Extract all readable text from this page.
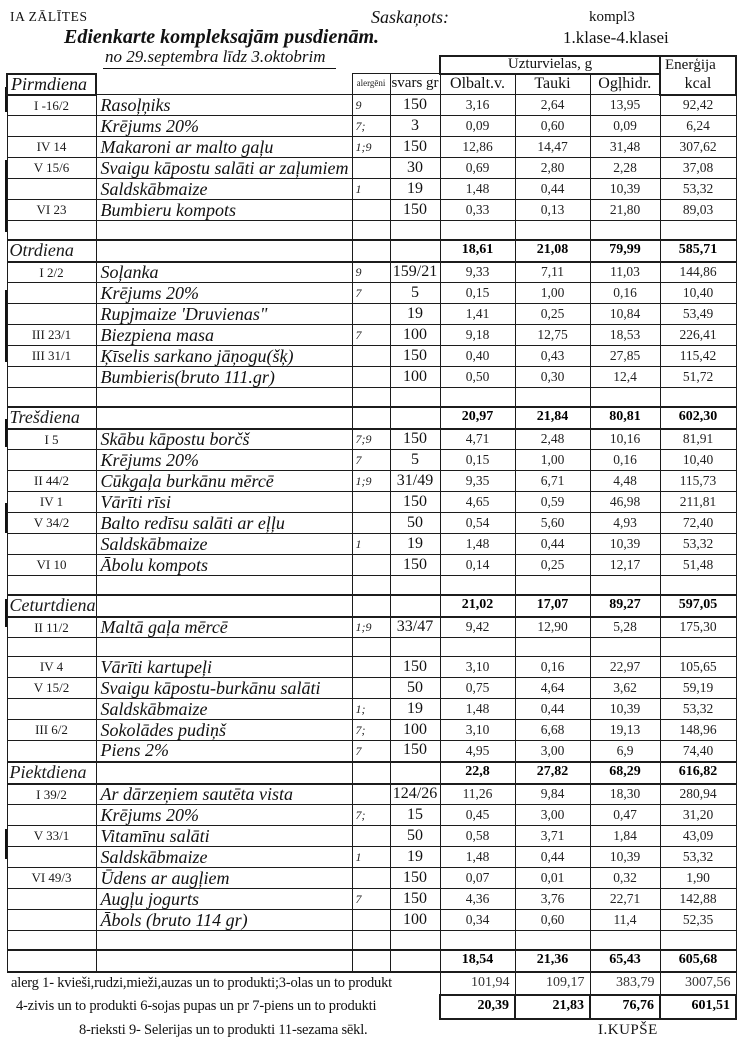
IA ZĀLĪTES	Saskaņots:	kompl3
Edienkarte kompleksajām pusdienām.	1.klase-4.klasei
no 29.septembra līdz 3.oktobrim
				Uzturvielas, g			Enerģija
kcal

Pirmdiena		alergēni	svars gr	Olbalt.v.	Tauki	Ogļhidr.	
I -16/2	Rasoļņiks	9	150	3,16	2,64	13,95	92,42
	Krējums 20%	7;	3	0,09	0,60	0,09	6,24
IV 14	Makaroni ar malto gaļu	1;9	150	12,86	14,47	31,48	307,62
V 15/6	Svaigu kāpostu salāti ar zaļumiem		30	0,69	2,80	2,28	37,08
	Saldskābmaize	1	19	1,48	0,44	10,39	53,32
VI 23	Bumbieru kompots		150	0,33	0,13	21,80	89,03

Otrdiena				18,61	21,08	79,99	585,71
I 2/2	Soļanka	9	159/21	9,33	7,11	11,03	144,86
	Krējums 20%	7	5	0,15	1,00	0,16	10,40
	Rupjmaize 'Druvienas"		19	1,41	0,25	10,84	53,49
III 23/1	Biezpiena masa	7	100	9,18	12,75	18,53	226,41
III 31/1	Ķīselis sarkano jāņogu(šķ)		150	0,40	0,43	27,85	115,42
	Bumbieris(bruto 111.gr)		100	0,50	0,30	12,4	51,72

Trešdiena				20,97	21,84	80,81	602,30
I 5	Skābu kāpostu borčš	7;9	150	4,71	2,48	10,16	81,91
	Krējums 20%	7	5	0,15	1,00	0,16	10,40
II 44/2	Cūkgaļa burkānu mērcē	1;9	31/49	9,35	6,71	4,48	115,73
IV 1	Vārīti rīsi		150	4,65	0,59	46,98	211,81
V 34/2	Balto redīsu salāti ar eļļu		50	0,54	5,60	4,93	72,40
	Saldskābmaize	1	19	1,48	0,44	10,39	53,32
VI 10	Ābolu kompots		150	0,14	0,25	12,17	51,48

Ceturtdiena				21,02	17,07	89,27	597,05
II 11/2	Maltā gaļa mērcē	1;9	33/47	9,42	12,90	5,28	175,30

IV 4	Vārīti kartupeļi		150	3,10	0,16	22,97	105,65
V 15/2	Svaigu kāpostu-burkānu salāti		50	0,75	4,64	3,62	59,19
	Saldskābmaize	1;	19	1,48	0,44	10,39	53,32
III 6/2	Sokolādes pudiņš	7;	100	3,10	6,68	19,13	148,96
	Piens 2%	7	150	4,95	3,00	6,9	74,40
Piektdiena				22,8	27,82	68,29	616,82
I 39/2	Ar dārzeņiem sautēta vista		124/26	11,26	9,84	18,30	280,94
	Krējums 20%	7;	15	0,45	3,00	0,47	31,20
V 33/1	Vitamīnu salāti		50	0,58	3,71	1,84	43,09
	Saldskābmaize	1	19	1,48	0,44	10,39	53,32
VI 49/3	Ūdens ar augļiem		150	0,07	0,01	0,32	1,90
	Augļu jogurts	7	150	4,36	3,76	22,71	142,88
	Ābols (bruto 114 gr)		100	0,34	0,60	11,4	52,35

				18,54	21,36	65,43	605,68
alerg 1- kvieši,rudzi,mieži,auzas un to produkti;3-olas un to produkt				101,94	109,17	383,79	3007,56
4-zivis un to produkti 6-sojas pupas un pr 7-piens un to produkti				20,39	21,83	76,76	601,51
8-rieksti 9- Selerijas un to produkti 11-sezama sēkl.				I.KUPŠE			
